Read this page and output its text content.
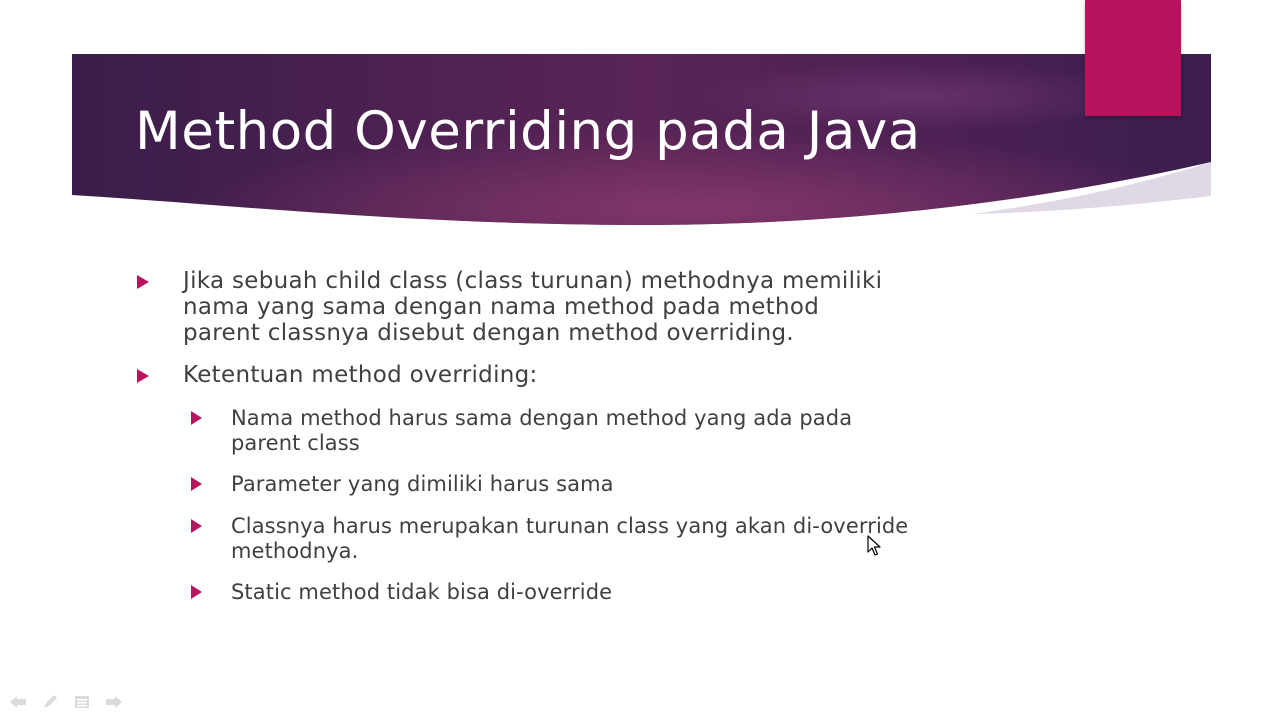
Method Overriding pada Java
Jika sebuah child class (class turunan) methodnya memiliki
nama yang sama dengan nama method pada method
parent classnya disebut dengan method overriding.
Ketentuan method overriding:
Nama method harus sama dengan method yang ada pada
parent class
Parameter yang dimiliki harus sama
Classnya harus merupakan turunan class yang akan di-override
methodnya.
Static method tidak bisa di-override
